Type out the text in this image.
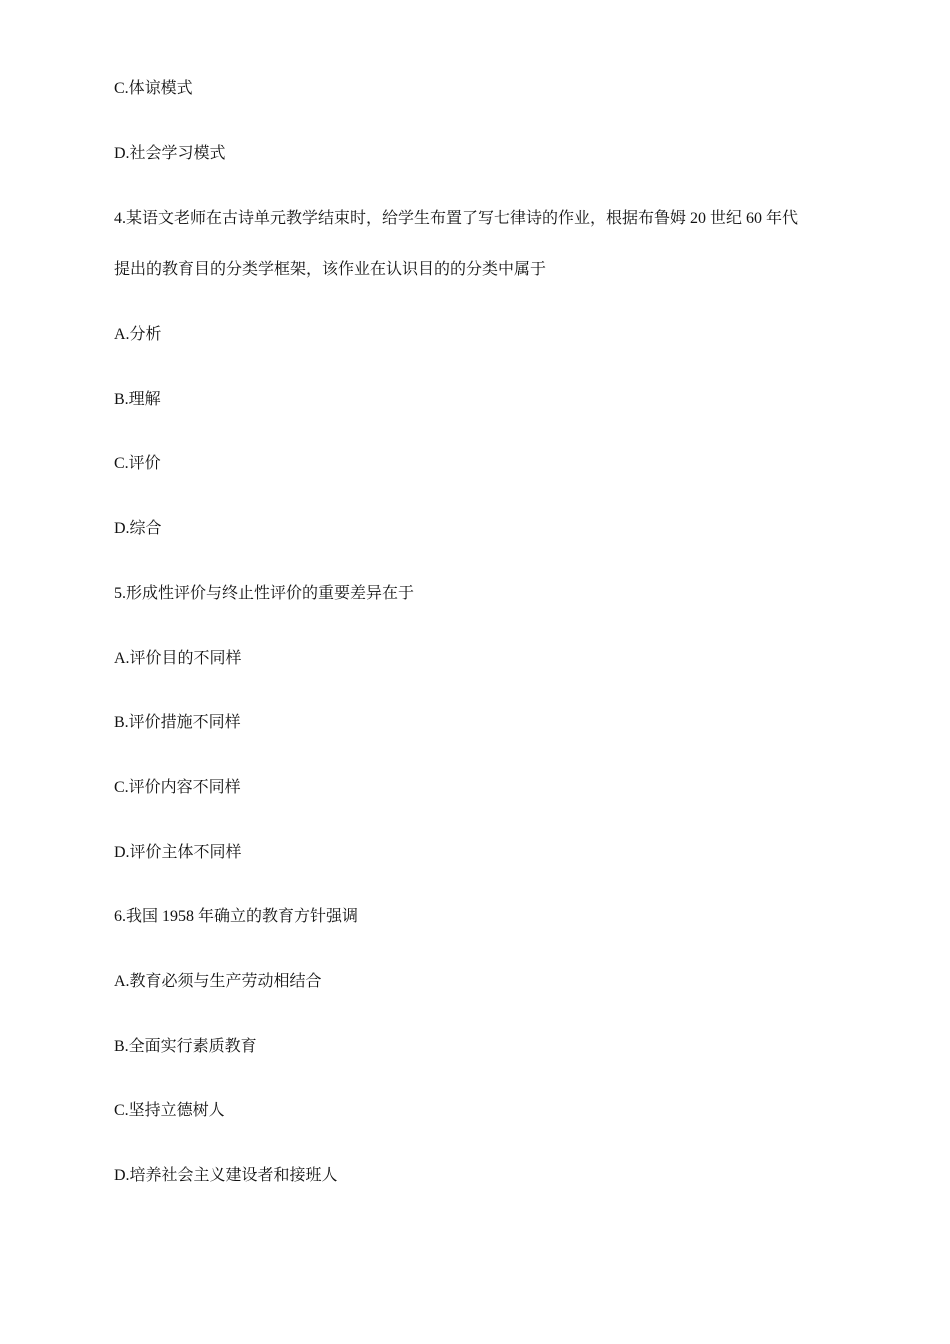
C.体谅模式

D.社会学习模式

4.某语文老师在古诗单元教学结束时，给学生布置了写七律诗的作业，根据布鲁姆 20 世纪 60 年代

提出的教育目的分类学框架，该作业在认识目的的分类中属于

A.分析

B.理解

C.评价

D.综合

5.形成性评价与终止性评价的重要差异在于

A.评价目的不同样

B.评价措施不同样

C.评价内容不同样

D.评价主体不同样

6.我国 1958 年确立的教育方针强调

A.教育必须与生产劳动相结合

B.全面实行素质教育

C.坚持立德树人

D.培养社会主义建设者和接班人
